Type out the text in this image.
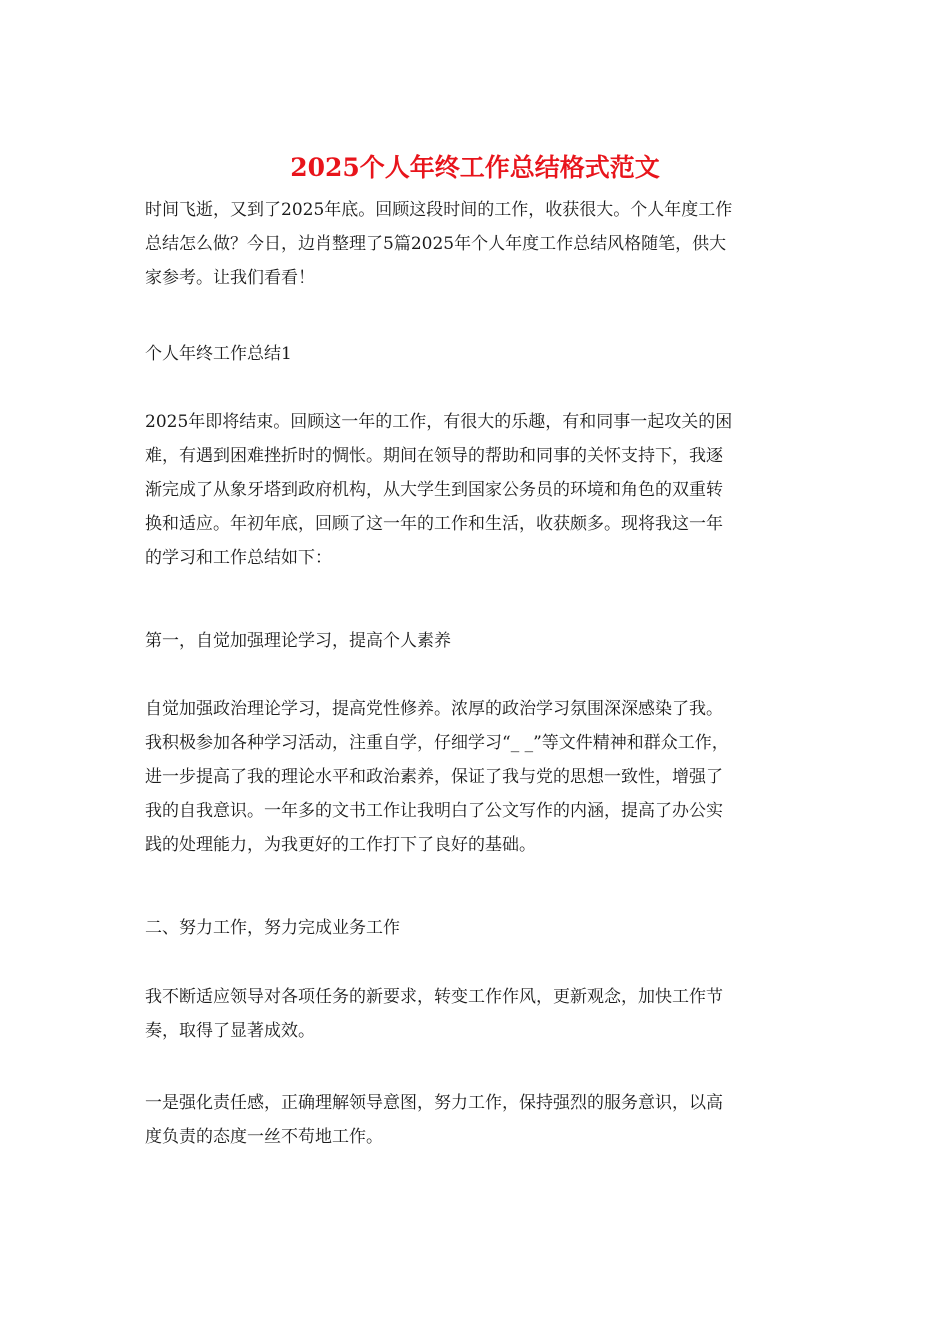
2025个人年终工作总结格式范文

时间飞逝，又到了2025年底。回顾这段时间的工作，收获很大。个人年度工作
总结怎么做？今日，边肖整理了5篇2025年个人年度工作总结风格随笔，供大
家参考。让我们看看！

个人年终工作总结1

2025年即将结束。回顾这一年的工作，有很大的乐趣，有和同事一起攻关的困
难，有遇到困难挫折时的惆怅。期间在领导的帮助和同事的关怀支持下，我逐
渐完成了从象牙塔到政府机构，从大学生到国家公务员的环境和角色的双重转
换和适应。年初年底，回顾了这一年的工作和生活，收获颇多。现将我这一年
的学习和工作总结如下：

第一，自觉加强理论学习，提高个人素养

自觉加强政治理论学习，提高党性修养。浓厚的政治学习氛围深深感染了我。
我积极参加各种学习活动，注重自学，仔细学习“_ _”等文件精神和群众工作，
进一步提高了我的理论水平和政治素养，保证了我与党的思想一致性，增强了
我的自我意识。一年多的文书工作让我明白了公文写作的内涵，提高了办公实
践的处理能力，为我更好的工作打下了良好的基础。

二、努力工作，努力完成业务工作

我不断适应领导对各项任务的新要求，转变工作作风，更新观念，加快工作节
奏，取得了显著成效。

一是强化责任感，正确理解领导意图，努力工作，保持强烈的服务意识，以高
度负责的态度一丝不苟地工作。
